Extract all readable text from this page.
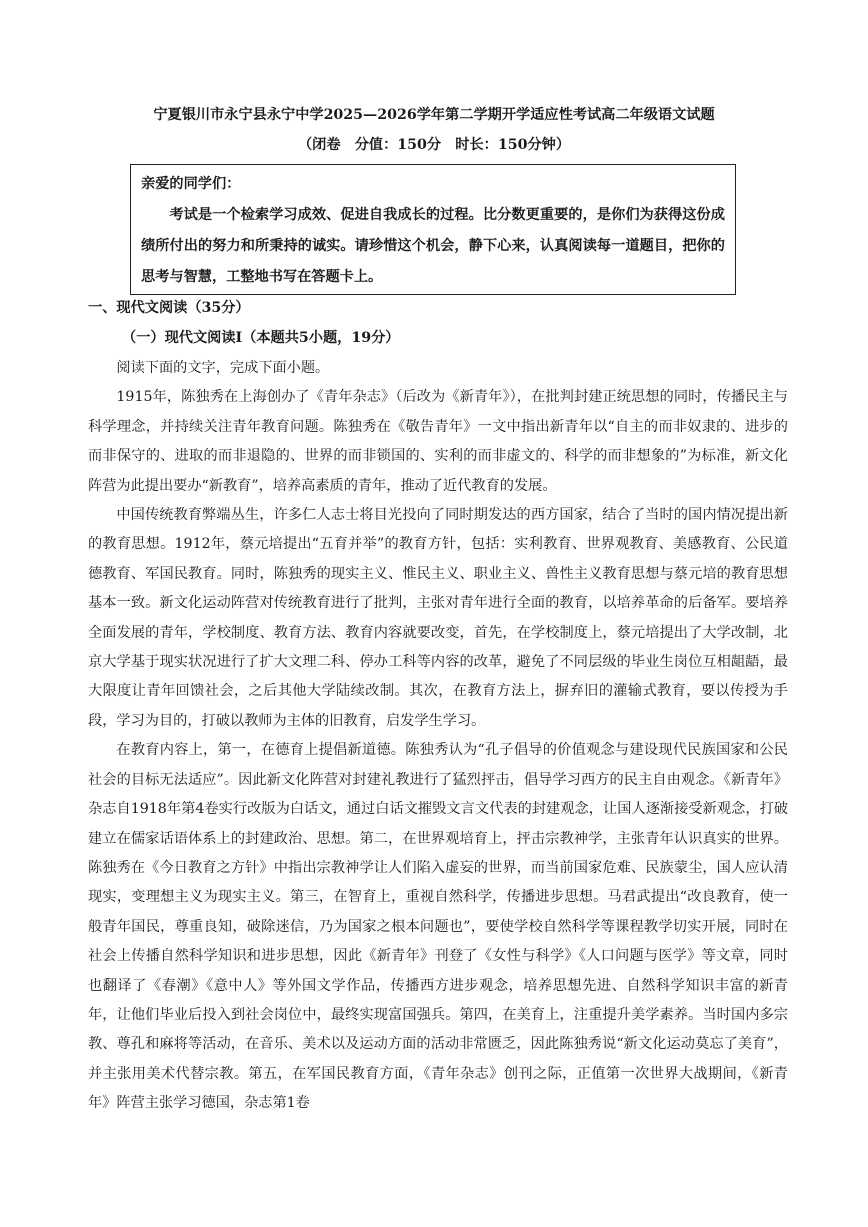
宁夏银川市永宁县永宁中学2025—2026学年第二学期开学适应性考试高二年级语文试题
（闭卷　分值：150分　时长：150分钟）

亲爱的同学们：

考试是一个检索学习成效、促进自我成长的过程。比分数更重要的，是你们为获得这份成绩所付出的努力和所秉持的诚实。请珍惜这个机会，静下心来，认真阅读每一道题目，把你的思考与智慧，工整地书写在答题卡上。

一、现代文阅读（35分）
（一）现代文阅读Ⅰ（本题共5小题，19分）

阅读下面的文字，完成下面小题。

1915年，陈独秀在上海创办了《青年杂志》（后改为《新青年》），在批判封建正统思想的同时，传播民主与科学理念，并持续关注青年教育问题。陈独秀在《敬告青年》一文中指出新青年以“自主的而非奴隶的、进步的而非保守的、进取的而非退隐的、世界的而非锁国的、实利的而非虚文的、科学的而非想象的”为标准，新文化阵营为此提出要办“新教育”，培养高素质的青年，推动了近代教育的发展。

中国传统教育弊端丛生，许多仁人志士将目光投向了同时期发达的西方国家，结合了当时的国内情况提出新的教育思想。1912年，蔡元培提出“五育并举”的教育方针，包括：实利教育、世界观教育、美感教育、公民道德教育、军国民教育。同时，陈独秀的现实主义、惟民主义、职业主义、兽性主义教育思想与蔡元培的教育思想基本一致。新文化运动阵营对传统教育进行了批判，主张对青年进行全面的教育，以培养革命的后备军。要培养全面发展的青年，学校制度、教育方法、教育内容就要改变，首先，在学校制度上，蔡元培提出了大学改制，北京大学基于现实状况进行了扩大文理二科、停办工科等内容的改革，避免了不同层级的毕业生岗位互相龃龉，最大限度让青年回馈社会，之后其他大学陆续改制。其次，在教育方法上，摒弃旧的灌输式教育，要以传授为手段，学习为目的，打破以教师为主体的旧教育，启发学生学习。

在教育内容上，第一，在德育上提倡新道德。陈独秀认为“孔子倡导的价值观念与建设现代民族国家和公民社会的目标无法适应”。因此新文化阵营对封建礼教进行了猛烈抨击，倡导学习西方的民主自由观念。《新青年》杂志自1918年第4卷实行改版为白话文，通过白话文摧毁文言文代表的封建观念，让国人逐渐接受新观念，打破建立在儒家话语体系上的封建政治、思想。第二，在世界观培育上，抨击宗教神学，主张青年认识真实的世界。陈独秀在《今日教育之方针》中指出宗教神学让人们陷入虚妄的世界，而当前国家危难、民族蒙尘，国人应认清现实，变理想主义为现实主义。第三，在智育上，重视自然科学，传播进步思想。马君武提出“改良教育，使一般青年国民，尊重良知，破除迷信，乃为国家之根本问题也”，要使学校自然科学等课程教学切实开展，同时在社会上传播自然科学知识和进步思想，因此《新青年》刊登了《女性与科学》《人口问题与医学》等文章，同时也翻译了《春潮》《意中人》等外国文学作品，传播西方进步观念，培养思想先进、自然科学知识丰富的新青年，让他们毕业后投入到社会岗位中，最终实现富国强兵。第四，在美育上，注重提升美学素养。当时国内多宗教、尊孔和麻将等活动，在音乐、美术以及运动方面的活动非常匮乏，因此陈独秀说“新文化运动莫忘了美育”，并主张用美术代替宗教。第五，在军国民教育方面，《青年杂志》创刊之际，正值第一次世界大战期间，《新青年》阵营主张学习德国，杂志第1卷
